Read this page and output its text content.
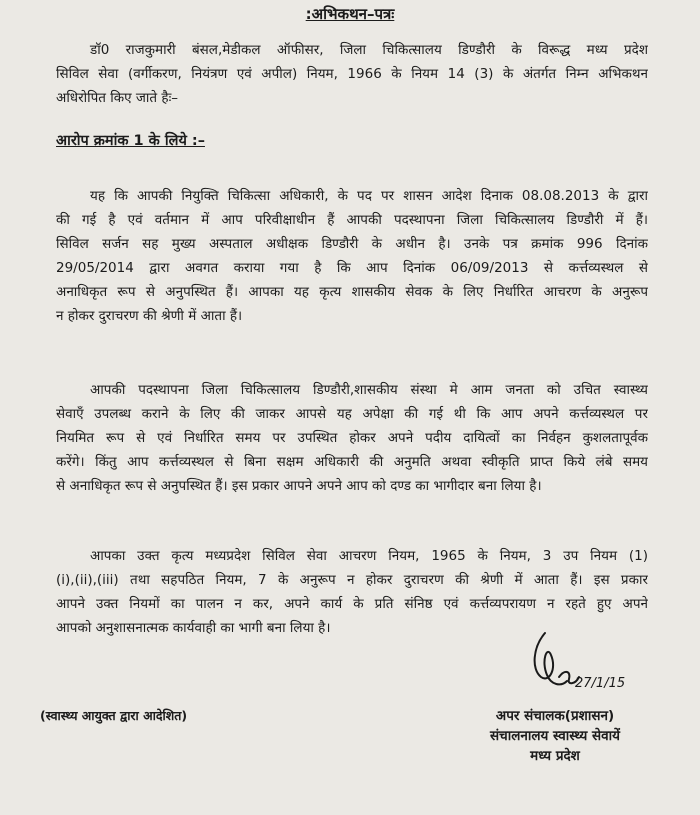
:अभिकथन–पत्रः

डॉ0 राजकुमारी बंसल,मेडीकल ऑफीसर, जिला चिकित्सालय डिण्डौरी के विरूद्ध मध्य प्रदेश
सिविल सेवा (वर्गीकरण, नियंत्रण एवं अपील) नियम, 1966 के नियम 14 (3) के अंतर्गत निम्न अभिकथन
अधिरोपित किए जाते हैः–

आरोप क्रमांक 1 के लिये :–

यह कि आपकी नियुक्ति चिकित्सा अधिकारी, के पद पर शासन आदेश दिनाक 08.08.2013 के द्वारा
की गई है एवं वर्तमान में आप परिवीक्षाधीन हैं आपकी पदस्थापना जिला चिकित्सालय डिण्डौरी में हैं।
सिविल सर्जन सह मुख्य अस्पताल अधीक्षक डिण्डौरी के अधीन है। उनके पत्र क्रमांक 996 दिनांक
29/05/2014 द्वारा अवगत कराया गया है कि आप दिनांक 06/09/2013 से कर्त्तव्यस्थल से
अनाधिकृत रूप से अनुपस्थित हैं। आपका यह कृत्य शासकीय सेवक के लिए निर्धारित आचरण के अनुरूप
न होकर दुराचरण की श्रेणी में आता हैं।

आपकी पदस्थापना जिला चिकित्सालय डिण्डौरी,शासकीय संस्था मे आम जनता को उचित स्वास्थ्य
सेवाएँ उपलब्ध कराने के लिए की जाकर आपसे यह अपेक्षा की गई थी कि आप अपने कर्त्तव्यस्थल पर
नियमित रूप से एवं निर्धारित समय पर उपस्थित होकर अपने पदीय दायित्वों का निर्वहन कुशलतापूर्वक
करेंगे। किंतु आप कर्त्तव्यस्थल से बिना सक्षम अधिकारी की अनुमति अथवा स्वीकृति प्राप्त किये लंबे समय
से अनाधिकृत रूप से अनुपस्थित हैं। इस प्रकार आपने अपने आप को दण्ड का भागीदार बना लिया है।

आपका उक्त कृत्य मध्यप्रदेश सिविल सेवा आचरण नियम, 1965 के नियम, 3 उप नियम (1)
(i),(ii),(iii) तथा सहपठित नियम, 7 के अनुरूप न होकर दुराचरण की श्रेणी में आता हैं। इस प्रकार
आपने उक्त नियमों का पालन न कर, अपने कार्य के प्रति संनिष्ठ एवं कर्त्तव्यपरायण न रहते हुए अपने
आपको अनुशासनात्मक कार्यवाही का भागी बना लिया है।

(स्वास्थ्य आयुक्त द्वारा आदेशित)
27/1/15
अपर संचालक(प्रशासन)
संचालनालय स्वास्थ्य सेवायें
मध्य प्रदेश
